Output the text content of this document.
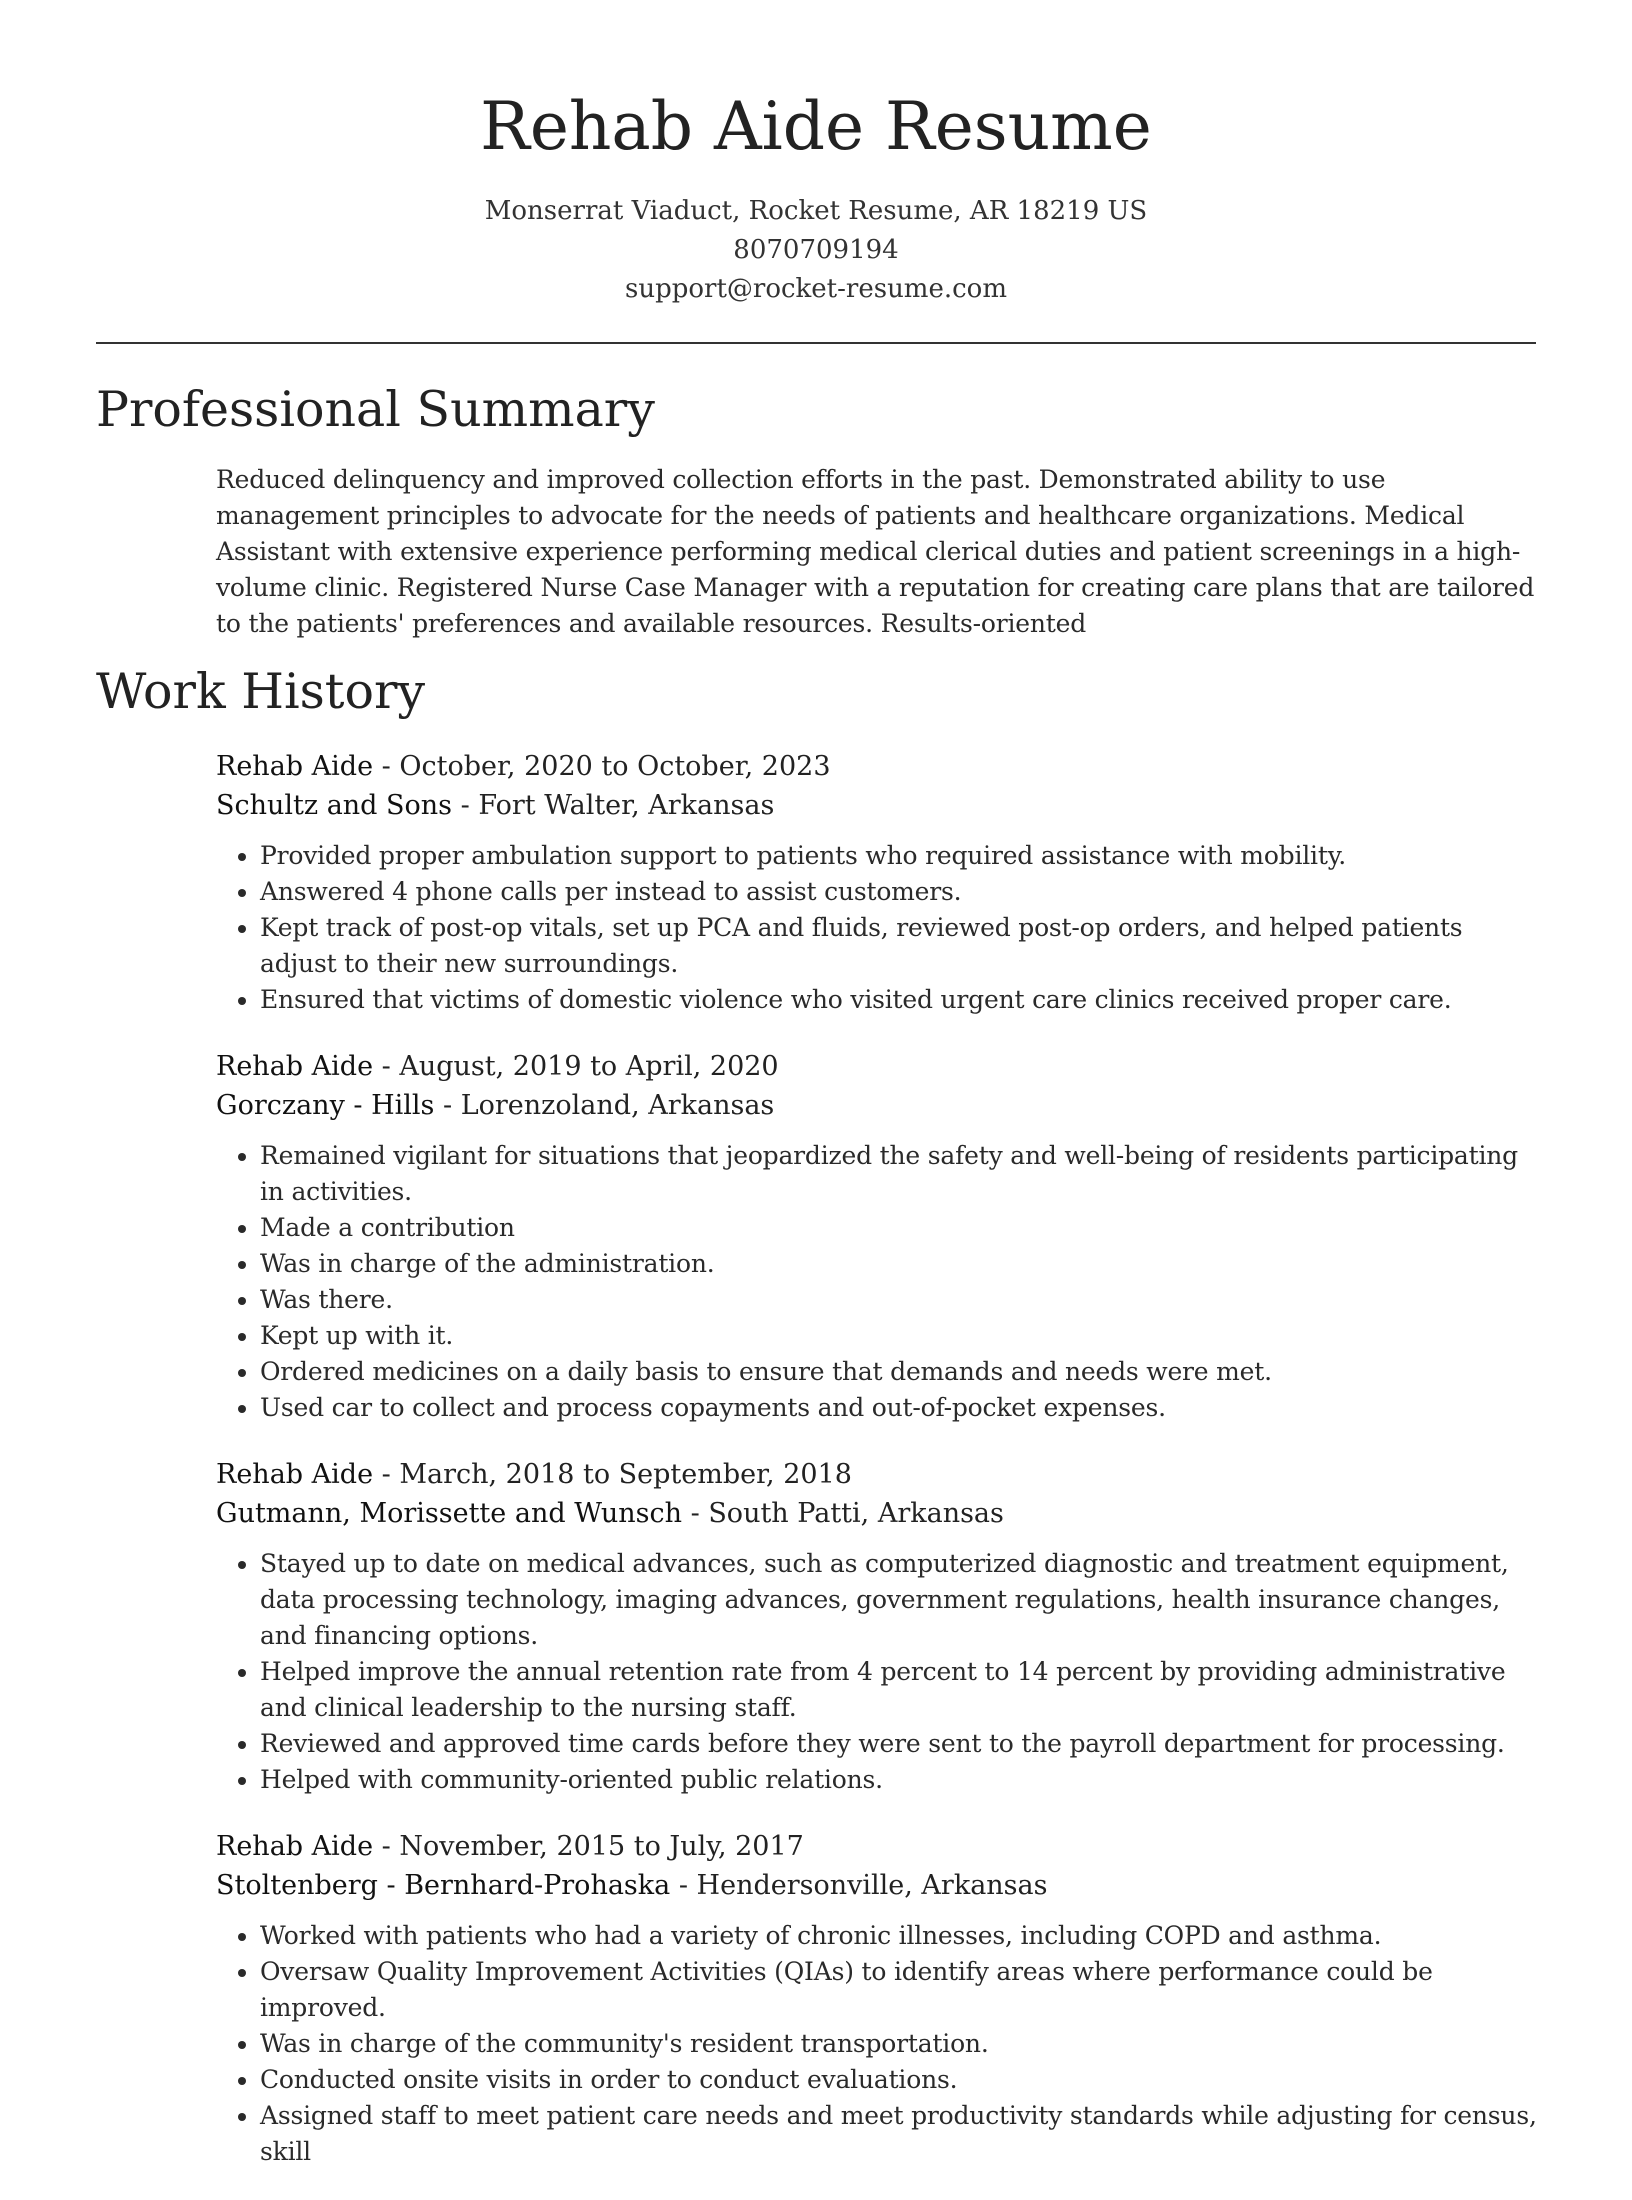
Rehab Aide Resume
Monserrat Viaduct, Rocket Resume, AR 18219 US
8070709194
support@rocket-resume.com
Professional Summary

Reduced delinquency and improved collection efforts in the past. Demonstrated ability to use management principles to advocate for the needs of patients and healthcare organizations. Medical Assistant with extensive experience performing medical clerical duties and patient screenings in a high-volume clinic. Registered Nurse Case Manager with a reputation for creating care plans that are tailored to the patients' preferences and available resources. Results-oriented

Work History
Rehab Aide - October, 2020 to October, 2023
Schultz and Sons - Fort Walter, Arkansas
• Provided proper ambulation support to patients who required assistance with mobility.
• Answered 4 phone calls per instead to assist customers.
• Kept track of post-op vitals, set up PCA and fluids, reviewed post-op orders, and helped patients adjust to their new surroundings.
• Ensured that victims of domestic violence who visited urgent care clinics received proper care.
Rehab Aide - August, 2019 to April, 2020
Gorczany - Hills - Lorenzoland, Arkansas
• Remained vigilant for situations that jeopardized the safety and well-being of residents participating in activities.
• Made a contribution
• Was in charge of the administration.
• Was there.
• Kept up with it.
• Ordered medicines on a daily basis to ensure that demands and needs were met.
• Used car to collect and process copayments and out-of-pocket expenses.
Rehab Aide - March, 2018 to September, 2018
Gutmann, Morissette and Wunsch - South Patti, Arkansas
• Stayed up to date on medical advances, such as computerized diagnostic and treatment equipment, data processing technology, imaging advances, government regulations, health insurance changes, and financing options.
• Helped improve the annual retention rate from 4 percent to 14 percent by providing administrative and clinical leadership to the nursing staff.
• Reviewed and approved time cards before they were sent to the payroll department for processing.
• Helped with community-oriented public relations.
Rehab Aide - November, 2015 to July, 2017
Stoltenberg - Bernhard-Prohaska - Hendersonville, Arkansas
• Worked with patients who had a variety of chronic illnesses, including COPD and asthma.
• Oversaw Quality Improvement Activities (QIAs) to identify areas where performance could be improved.
• Was in charge of the community's resident transportation.
• Conducted onsite visits in order to conduct evaluations.
• Assigned staff to meet patient care needs and meet productivity standards while adjusting for census, skill
